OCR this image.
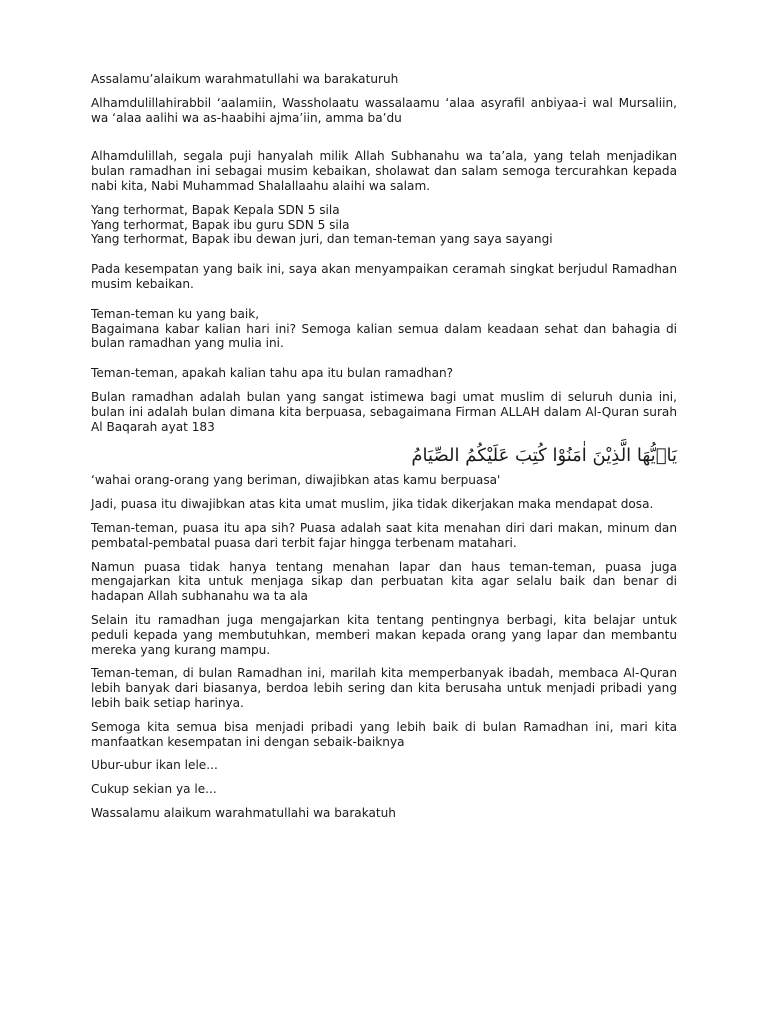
Assalamu’alaikum warahmatullahi wa barakaturuh

Alhamdulillahirabbil ‘aalamiin, Wassholaatu wassalaamu ‘alaa asyrafil anbiyaa-i wal Mursaliin, wa ‘alaa aalihi wa as-haabihi ajma’iin, amma ba’du

Alhamdulillah, segala puji hanyalah milik Allah Subhanahu wa ta’ala, yang telah menjadikan bulan ramadhan ini sebagai musim kebaikan, sholawat dan salam semoga tercurahkan kepada nabi kita, Nabi Muhammad Shalallaahu alaihi wa salam.

Yang terhormat, Bapak Kepala SDN 5 sila
Yang terhormat, Bapak ibu guru SDN 5 sila
Yang terhormat, Bapak ibu dewan juri, dan teman-teman yang saya sayangi

Pada kesempatan yang baik ini, saya akan menyampaikan ceramah singkat berjudul Ramadhan musim kebaikan.

Teman-teman ku yang baik,
Bagaimana kabar kalian hari ini? Semoga kalian semua dalam keadaan sehat dan bahagia di bulan ramadhan yang mulia ini.

Teman-teman, apakah kalian tahu apa itu bulan ramadhan?

Bulan ramadhan adalah bulan yang sangat istimewa bagi umat muslim di seluruh dunia ini, bulan ini adalah bulan dimana kita berpuasa, sebagaimana Firman ALLAH dalam Al-Quran surah Al Baqarah ayat 183

يَاۤيُّهَا الَّذِيْنَ اٰمَنُوْا كُتِبَ عَلَيْكُمُ الصِّيَامُ

‘wahai orang-orang yang beriman, diwajibkan atas kamu berpuasa'

Jadi, puasa itu diwajibkan atas kita umat muslim, jika tidak dikerjakan maka mendapat dosa.

Teman-teman, puasa itu apa sih? Puasa adalah saat kita menahan diri dari makan, minum dan pembatal-pembatal puasa dari terbit fajar hingga terbenam matahari.

Namun puasa tidak hanya tentang menahan lapar dan haus teman-teman, puasa juga mengajarkan kita untuk menjaga sikap dan perbuatan kita agar selalu baik dan benar di hadapan Allah subhanahu wa ta ala

Selain itu ramadhan juga mengajarkan kita tentang pentingnya berbagi, kita belajar untuk peduli kepada yang membutuhkan, memberi makan kepada orang yang lapar dan membantu mereka yang kurang mampu.

Teman-teman, di bulan Ramadhan ini, marilah kita memperbanyak ibadah, membaca Al-Quran lebih banyak dari biasanya, berdoa lebih sering dan kita berusaha untuk menjadi pribadi yang lebih baik setiap harinya.

Semoga kita semua bisa menjadi pribadi yang lebih baik di bulan Ramadhan ini, mari kita manfaatkan kesempatan ini dengan sebaik-baiknya

Ubur-ubur ikan lele...

Cukup sekian ya le...

Wassalamu alaikum warahmatullahi wa barakatuh
